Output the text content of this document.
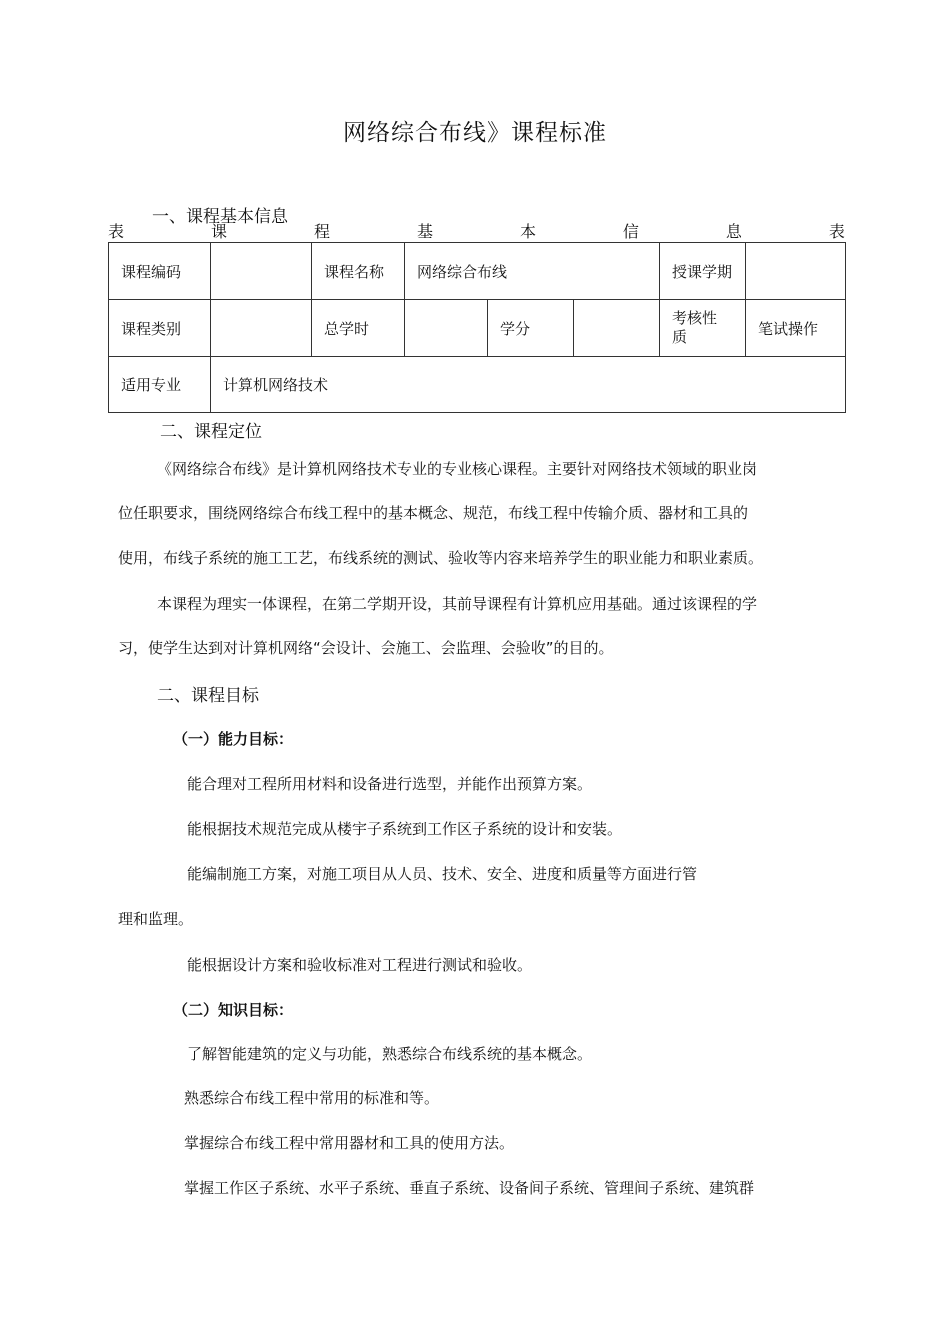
网络综合布线》课程标准
一、课程基本信息
表	课	程	基	本	信	息	表
课程编码		课程名称	网络综合布线			授课学期	
课程类别		总学时		学分		考核性质	笔试操作
适用专业	计算机网络技术						
二、课程定位
《网络综合布线》是计算机网络技术专业的专业核心课程。主要针对网络技术领域的职业岗
位任职要求，围绕网络综合布线工程中的基本概念、规范，布线工程中传输介质、器材和工具的
使用，布线子系统的施工工艺，布线系统的测试、验收等内容来培养学生的职业能力和职业素质。
本课程为理实一体课程，在第二学期开设，其前导课程有计算机应用基础。通过该课程的学
习，使学生达到对计算机网络“会设计、会施工、会监理、会验收”的目的。
二、课程目标
（一）能力目标：
能合理对工程所用材料和设备进行选型，并能作出预算方案。
能根据技术规范完成从楼宇子系统到工作区子系统的设计和安装。
能编制施工方案，对施工项目从人员、技术、安全、进度和质量等方面进行管
理和监理。
能根据设计方案和验收标准对工程进行测试和验收。
（二）知识目标：
了解智能建筑的定义与功能，熟悉综合布线系统的基本概念。
熟悉综合布线工程中常用的标准和等。
掌握综合布线工程中常用器材和工具的使用方法。
掌握工作区子系统、水平子系统、垂直子系统、设备间子系统、管理间子系统、建筑群
